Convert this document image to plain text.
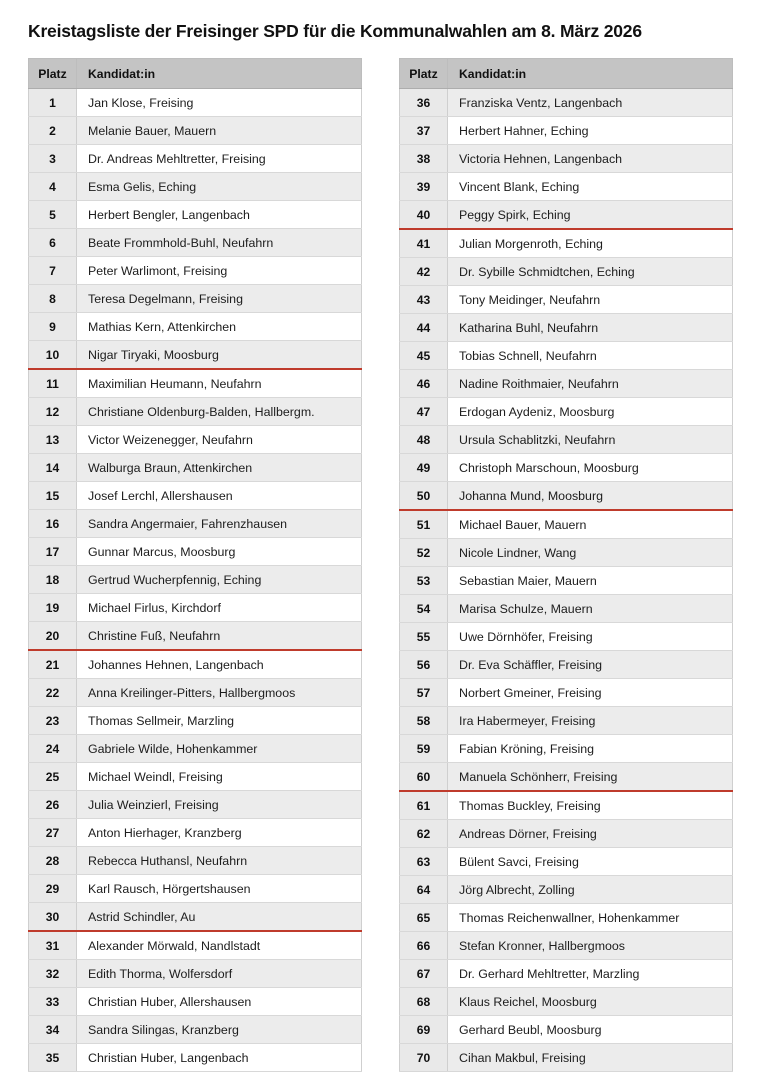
Kreistagsliste der Freisinger SPD für die Kommunalwahlen am 8. März 2026
Platz	Kandidat:in
1	Jan Klose, Freising
2	Melanie Bauer, Mauern
3	Dr. Andreas Mehltretter, Freising
4	Esma Gelis, Eching
5	Herbert Bengler, Langenbach
6	Beate Frommhold-Buhl, Neufahrn
7	Peter Warlimont, Freising
8	Teresa Degelmann, Freising
9	Mathias Kern, Attenkirchen
10	Nigar Tiryaki, Moosburg
11	Maximilian Heumann, Neufahrn
12	Christiane Oldenburg-Balden, Hallbergm.
13	Victor Weizenegger, Neufahrn
14	Walburga Braun, Attenkirchen
15	Josef Lerchl, Allershausen
16	Sandra Angermaier, Fahrenzhausen
17	Gunnar Marcus, Moosburg
18	Gertrud Wucherpfennig, Eching
19	Michael Firlus, Kirchdorf
20	Christine Fuß, Neufahrn
21	Johannes Hehnen, Langenbach
22	Anna Kreilinger-Pitters, Hallbergmoos
23	Thomas Sellmeir, Marzling
24	Gabriele Wilde, Hohenkammer
25	Michael Weindl, Freising
26	Julia Weinzierl, Freising
27	Anton Hierhager, Kranzberg
28	Rebecca Huthansl, Neufahrn
29	Karl Rausch, Hörgertshausen
30	Astrid Schindler, Au
31	Alexander Mörwald, Nandlstadt
32	Edith Thorma, Wolfersdorf
33	Christian Huber, Allershausen
34	Sandra Silingas, Kranzberg
35	Christian Huber, Langenbach
Platz	Kandidat:in
36	Franziska Ventz, Langenbach
37	Herbert Hahner, Eching
38	Victoria Hehnen, Langenbach
39	Vincent Blank, Eching
40	Peggy Spirk, Eching
41	Julian Morgenroth, Eching
42	Dr. Sybille Schmidtchen, Eching
43	Tony Meidinger, Neufahrn
44	Katharina Buhl, Neufahrn
45	Tobias Schnell, Neufahrn
46	Nadine Roithmaier, Neufahrn
47	Erdogan Aydeniz, Moosburg
48	Ursula Schablitzki, Neufahrn
49	Christoph Marschoun, Moosburg
50	Johanna Mund, Moosburg
51	Michael Bauer, Mauern
52	Nicole Lindner, Wang
53	Sebastian Maier, Mauern
54	Marisa Schulze, Mauern
55	Uwe Dörnhöfer, Freising
56	Dr. Eva Schäffler, Freising
57	Norbert Gmeiner, Freising
58	Ira Habermeyer, Freising
59	Fabian Kröning, Freising
60	Manuela Schönherr, Freising
61	Thomas Buckley, Freising
62	Andreas Dörner, Freising
63	Bülent Savci, Freising
64	Jörg Albrecht, Zolling
65	Thomas Reichenwallner, Hohenkammer
66	Stefan Kronner, Hallbergmoos
67	Dr. Gerhard Mehltretter, Marzling
68	Klaus Reichel, Moosburg
69	Gerhard Beubl, Moosburg
70	Cihan Makbul, Freising
